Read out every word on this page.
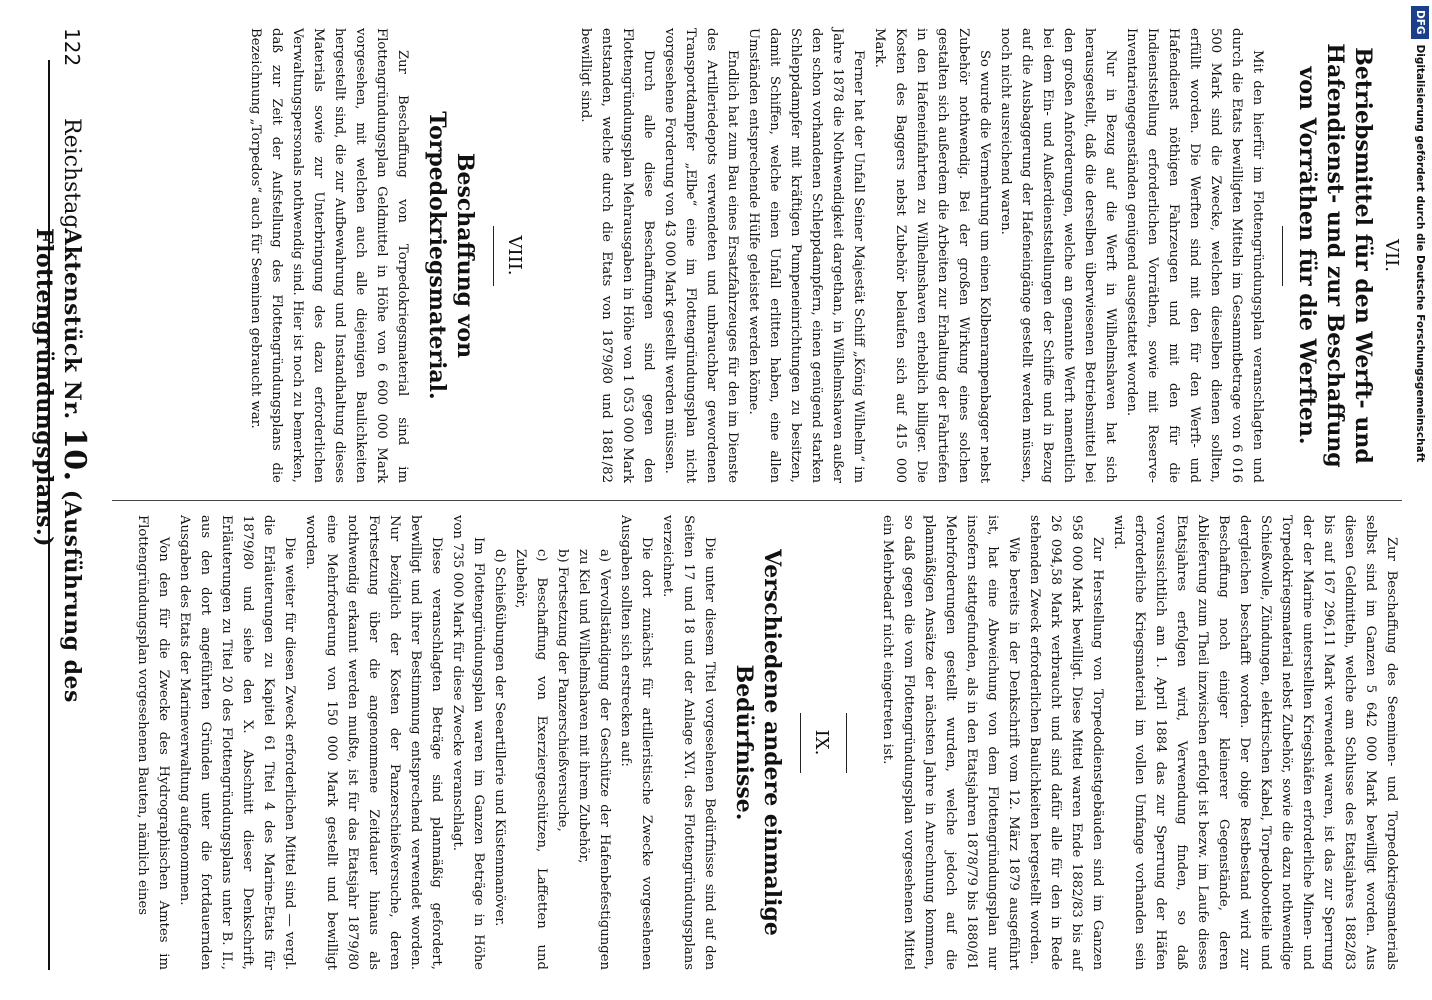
VII.
Betriebsmittel für den Werft- und Hafendienst- und zur Beschaffung von Vorräthen für die Werften.

Mit den hierfür im Flottengründungsplan veranschlagten und durch die Etats bewilligten Mitteln im Gesammtbetrage von 6 016 500 Mark sind die Zwecke, welchen dieselben dienen sollten, erfüllt worden. Die Werften sind mit den für den Werft- und Hafendienst nöthigen Fahrzeugen und mit den für die Indienststellung erforderlichen Vorräthen, sowie mit Reserve-Inventariengegenständen genügend ausgestattet worden.

Nur in Bezug auf die Werft in Wilhelmshaven hat sich herausgestellt, daß die derselben überwiesenen Betriebsmittel bei den großen Anforderungen, welche an genannte Werft namentlich bei dem Ein- und Außerdienststellungen der Schiffe und in Bezug auf die Ausbaggerung der Hafeneingänge gestellt werden müssen, noch nicht ausreichend waren.

So wurde die Vermehrung um einen Kolbenrampenbagger nebst Zubehör nothwendig. Bei der großen Wirkung eines solchen gestalten sich außerdem die Arbeiten zur Erhaltung der Fahrtiefen in den Hafeneinfahrten zu Wilhelmshaven erheblich billiger. Die Kosten des Baggers nebst Zubehör belaufen sich auf 415 000 Mark.

Ferner hat der Unfall Seiner Majestät Schiff „König Wilhelm“ im Jahre 1878 die Nothwendigkeit dargethan, in Wilhelmshaven außer den schon vorhandenen Schleppdampfern, einen genügend starken Schleppdampfer mit kräftigen Pumpeneinrichtungen zu besitzen, damit Schiffen, welche einen Unfall erlitten haben, eine allen Umständen entsprechende Hülfe geleistet werden könne.

Endlich hat zum Bau eines Ersatzfahrzeuges für den im Dienste des Artilleriedepots verwendeten und unbrauchbar gewordenen Transportdampfer „Elbe“ eine im Flottengründungsplan nicht vorgesehene Forderung von 43 000 Mark gestellt werden müssen.

Durch alle diese Beschaffungen sind gegen den Flottengründungsplan Mehrausgaben in Höhe von 1 053 000 Mark entstanden, welche durch die Etats von 1879/80 und 1881/82 bewilligt sind.

VIII.
Beschaffung von Torpedokriegsmaterial.

Zur Beschaffung von Torpedokriegsmaterial sind im Flottengründungsplan Geldmittel in Höhe von 6 600 000 Mark vorgesehen, mit welchen auch alle diejenigen Baulichkeiten hergestellt sind, die zur Aufbewahrung und Instandhaltung dieses Materials sowie zur Unterbringung des dazu erforderlichen Verwaltungspersonals nothwendig sind. Hier ist noch zu bemerken, daß zur Zeit der Aufstellung des Flottengründungsplans die Bezeichnung „Torpedos“ auch für Seeminen gebraucht war.

Zur Beschaffung des Seeminen- und Torpedokriegsmaterials selbst sind im Ganzen 5 642 000 Mark bewilligt worden. Aus diesen Geldmitteln, welche am Schlusse des Etatsjahres 1882/83 bis auf 167 296,11 Mark verwendet waren, ist das zur Sperrung der der Marine unterstellten Kriegshäfen erforderliche Minen- und Torpedokriegsmaterial nebst Zubehör, sowie die dazu nothwendige Schießwolle, Zündungen, elektrischen Kabel, Torpedobootteile und dergleichen beschafft worden. Der obige Restbestand wird zur Beschaffung noch einiger kleinerer Gegenstände, deren Ablieferung zum Theil inzwischen erfolgt ist bezw. im Laufe dieses Etatsjahres erfolgen wird, Verwendung finden, so daß voraussichtlich am 1. April 1884 das zur Sperrung der Häfen erforderliche Kriegsmaterial im vollen Umfange vorhanden sein wird.

Zur Herstellung von Torpedodienstgebäuden sind im Ganzen 958 000 Mark bewilligt. Diese Mittel waren Ende 1882/83 bis auf 26 094,58 Mark verbraucht und sind dafür alle für den in Rede stehenden Zweck erforderlichen Baulichkeiten hergestellt worden.

Wie bereits in der Denkschrift vom 12. März 1879 ausgeführt ist, hat eine Abweichung von dem Flottengründungsplan nur insofern stattgefunden, als in den Etatsjahren 1878/79 bis 1880/81 Mehrforderungen gestellt wurden, welche jedoch auf die planmäßigen Ansätze der nächsten Jahre in Anrechnung kommen, so daß gegen die vom Flottengründungsplan vorgesehenen Mittel ein Mehrbedarf nicht eingetreten ist.

IX.
Verschiedene andere einmalige Bedürfnisse.

Die unter diesem Titel vorgesehenen Bedürfnisse sind auf den Seiten 17 und 18 und der Anlage XVI. des Flottengründungsplans verzeichnet.

Die dort zunächst für artilleristische Zwecke vorgesehenen Ausgaben sollten sich erstrecken auf:

a) Vervollständigung der Geschütze der Hafenbefestigungen zu Kiel und Wilhelmshaven mit ihrem Zubehör,

b) Fortsetzung der Panzerschießversuche,

c) Beschaffung von Exerziergeschützen, Laffetten und Zubehör,

d) Schießübungen der Seeartillerie und Küstenmanöver.

Im Flottengründungsplan waren im Ganzen Beträge in Höhe von 735 000 Mark für diese Zwecke veranschlagt.

Diese veranschlagten Beträge sind planmäßig gefordert, bewilligt und ihrer Bestimmung entsprechend verwendet worden. Nur bezüglich der Kosten der Panzerschießversuche, deren Fortsetzung über die angenommene Zeitdauer hinaus als nothwendig erkannt werden mußte, ist für das Etatsjahr 1879/80 eine Mehrforderung von 150 000 Mark gestellt und bewilligt worden.

Die weiter für diesen Zweck erforderlichen Mittel sind — vergl. die Erläuterungen zu Kapitel 61 Titel 4 des Marine-Etats für 1879/80 und siehe den X. Abschnitt dieser Denkschrift, Erläuterungen zu Titel 20 des Flottengründungsplans unter B. II., aus den dort angeführten Gründen unter die fortdauernden Ausgaben des Etats der Marineverwaltung aufgenommen.

Von den für die Zwecke des Hydrographischen Amtes im Flottengründungsplan vorgesehenen Bauten, nämlich eines

122
Reichstag.
Aktenstück Nr. 10. (Ausführung des Flottengründungsplans.)
DFG
Digitalisierung gefördert durch die Deutsche Forschungsgemeinschaft
